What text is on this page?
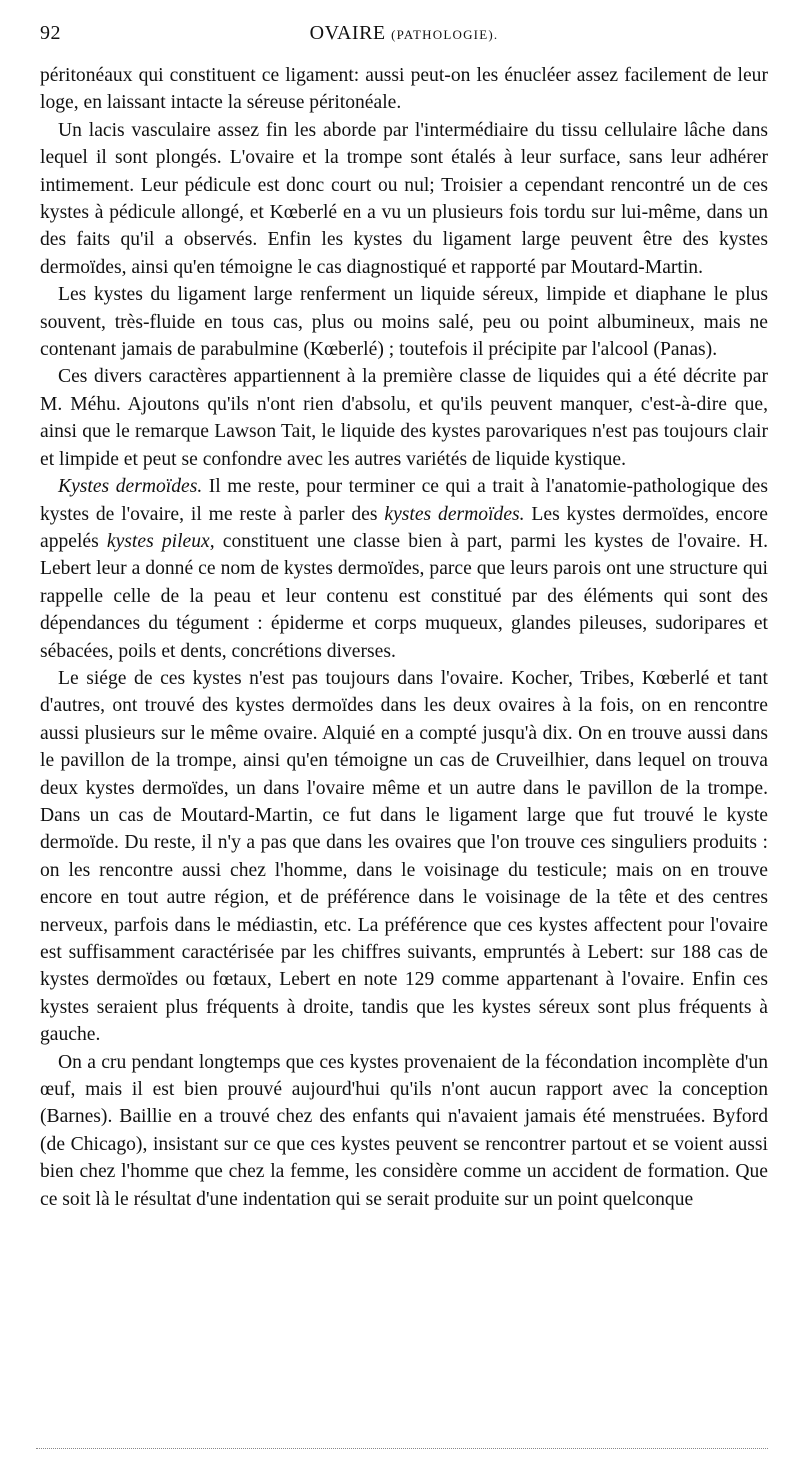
92	OVAIRE (PATHOLOGIE).

péritonéaux qui constituent ce ligament: aussi peut-on les énucléer assez facilement de leur loge, en laissant intacte la séreuse péritonéale.

Un lacis vasculaire assez fin les aborde par l'intermédiaire du tissu cellulaire lâche dans lequel il sont plongés. L'ovaire et la trompe sont étalés à leur surface, sans leur adhérer intimement. Leur pédicule est donc court ou nul; Troisier a cependant rencontré un de ces kystes à pédicule allongé, et Kœberlé en a vu un plusieurs fois tordu sur lui-même, dans un des faits qu'il a observés. Enfin les kystes du ligament large peuvent être des kystes dermoïdes, ainsi qu'en témoigne le cas diagnostiqué et rapporté par Moutard-Martin.

Les kystes du ligament large renferment un liquide séreux, limpide et diaphane le plus souvent, très-fluide en tous cas, plus ou moins salé, peu ou point albumineux, mais ne contenant jamais de parabulmine (Kœberlé) ; toutefois il précipite par l'alcool (Panas).

Ces divers caractères appartiennent à la première classe de liquides qui a été décrite par M. Méhu. Ajoutons qu'ils n'ont rien d'absolu, et qu'ils peuvent manquer, c'est-à-dire que, ainsi que le remarque Lawson Tait, le liquide des kystes parovariques n'est pas toujours clair et limpide et peut se confondre avec les autres variétés de liquide kystique.

Kystes dermoïdes. Il me reste, pour terminer ce qui a trait à l'anatomie-pathologique des kystes de l'ovaire, il me reste à parler des kystes dermoïdes. Les kystes dermoïdes, encore appelés kystes pileux, constituent une classe bien à part, parmi les kystes de l'ovaire. H. Lebert leur a donné ce nom de kystes dermoïdes, parce que leurs parois ont une structure qui rappelle celle de la peau et leur contenu est constitué par des éléments qui sont des dépendances du tégument : épiderme et corps muqueux, glandes pileuses, sudoripares et sébacées, poils et dents, concrétions diverses.

Le siége de ces kystes n'est pas toujours dans l'ovaire. Kocher, Tribes, Kœberlé et tant d'autres, ont trouvé des kystes dermoïdes dans les deux ovaires à la fois, on en rencontre aussi plusieurs sur le même ovaire. Alquié en a compté jusqu'à dix. On en trouve aussi dans le pavillon de la trompe, ainsi qu'en témoigne un cas de Cruveilhier, dans lequel on trouva deux kystes dermoïdes, un dans l'ovaire même et un autre dans le pavillon de la trompe. Dans un cas de Moutard-Martin, ce fut dans le ligament large que fut trouvé le kyste dermoïde. Du reste, il n'y a pas que dans les ovaires que l'on trouve ces singuliers produits : on les rencontre aussi chez l'homme, dans le voisinage du testicule; mais on en trouve encore en tout autre région, et de préférence dans le voisinage de la tête et des centres nerveux, parfois dans le médiastin, etc. La préférence que ces kystes affectent pour l'ovaire est suffisamment caractérisée par les chiffres suivants, empruntés à Lebert: sur 188 cas de kystes dermoïdes ou fœtaux, Lebert en note 129 comme appartenant à l'ovaire. Enfin ces kystes seraient plus fréquents à droite, tandis que les kystes séreux sont plus fréquents à gauche.

On a cru pendant longtemps que ces kystes provenaient de la fécondation incomplète d'un œuf, mais il est bien prouvé aujourd'hui qu'ils n'ont aucun rapport avec la conception (Barnes). Baillie en a trouvé chez des enfants qui n'avaient jamais été menstruées. Byford (de Chicago), insistant sur ce que ces kystes peuvent se rencontrer partout et se voient aussi bien chez l'homme que chez la femme, les considère comme un accident de formation. Que ce soit là le résultat d'une indentation qui se serait produite sur un point quelconque
